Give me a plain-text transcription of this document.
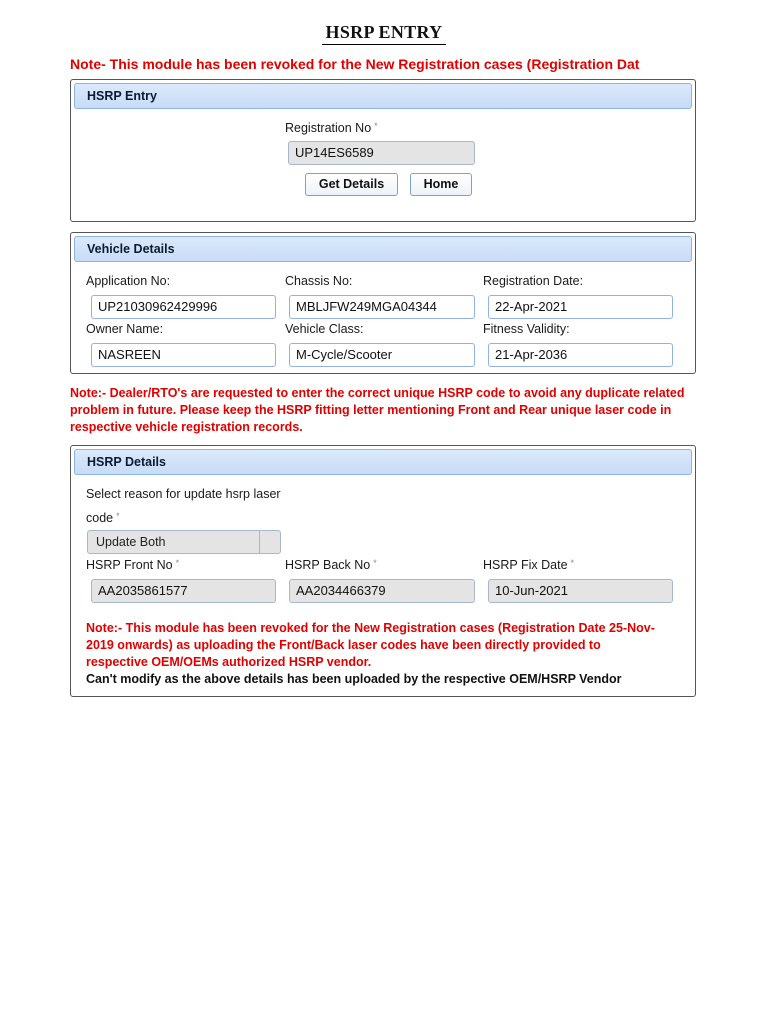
HSRP ENTRY
Note- This module has been revoked for the New Registration cases (Registration Dat
HSRP Entry
Registration No *
UP14ES6589
Get Details	Home
Vehicle Details
Application No:
UP21030962429996
Chassis No:
MBLJFW249MGA04344
Registration Date:
22-Apr-2021
Owner Name:
NASREEN
Vehicle Class:
M-Cycle/Scooter
Fitness Validity:
21-Apr-2036
Note:- Dealer/RTO's are requested to enter the correct unique HSRP code to avoid any duplicate related problem in future. Please keep the HSRP fitting letter mentioning Front and Rear unique laser code in respective vehicle registration records.
HSRP Details
Select reason for update hsrp laser
code *
Update Both
HSRP Front No *
AA2035861577
HSRP Back No *
AA2034466379
HSRP Fix Date *
10-Jun-2021
Note:- This module has been revoked for the New Registration cases (Registration Date 25-Nov-2019 onwards) as uploading the Front/Back laser codes have been directly provided to respective OEM/OEMs authorized HSRP vendor.
Can't modify as the above details has been uploaded by the respective OEM/HSRP Vendor
